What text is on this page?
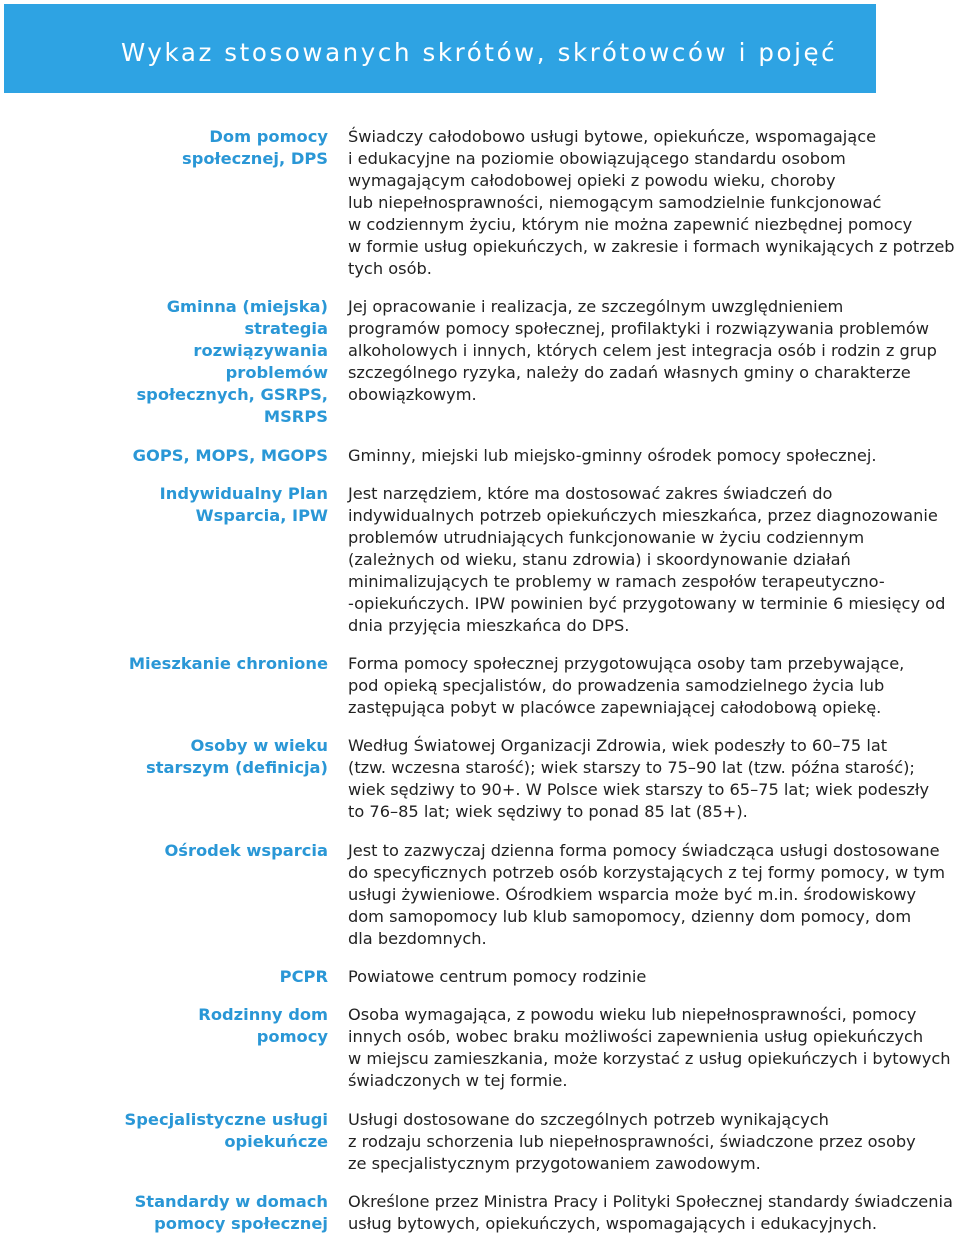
Wykaz stosowanych skrótów, skrótowców i pojęć
Dom pomocy
społecznej, DPS
Świadczy całodobowo usługi bytowe, opiekuńcze, wspomagające
i edukacyjne na poziomie obowiązującego standardu osobom
wymagającym całodobowej opieki z powodu wieku, choroby
lub niepełnosprawności, niemogącym samodzielnie funkcjonować
w codziennym życiu, którym nie można zapewnić niezbędnej pomocy
w formie usług opiekuńczych, w zakresie i formach wynikających z potrzeb
tych osób.
Gminna (miejska)
strategia
rozwiązywania
problemów
społecznych, GSRPS,
MSRPS
Jej opracowanie i realizacja, ze szczególnym uwzględnieniem
programów pomocy społecznej, profilaktyki i rozwiązywania problemów
alkoholowych i innych, których celem jest integracja osób i rodzin z grup
szczególnego ryzyka, należy do zadań własnych gminy o charakterze
obowiązkowym.
GOPS, MOPS, MGOPS Gminny, miejski lub miejsko-gminny ośrodek pomocy społecznej.
Indywidualny Plan
Wsparcia, IPW
Jest narzędziem, które ma dostosować zakres świadczeń do
indywidualnych potrzeb opiekuńczych mieszkańca, przez diagnozowanie
problemów utrudniających funkcjonowanie w życiu codziennym
(zależnych od wieku, stanu zdrowia) i skoordynowanie działań
minimalizujących te problemy w ramach zespołów terapeutyczno-
-opiekuńczych. IPW powinien być przygotowany w terminie 6 miesięcy od
dnia przyjęcia mieszkańca do DPS.
Mieszkanie chronione Forma pomocy społecznej przygotowująca osoby tam przebywające,
pod opieką specjalistów, do prowadzenia samodzielnego życia lub
zastępująca pobyt w placówce zapewniającej całodobową opiekę.
Osoby w wieku
starszym (definicja)
Według Światowej Organizacji Zdrowia, wiek podeszły to 60–75 lat
(tzw. wczesna starość); wiek starszy to 75–90 lat (tzw. późna starość);
wiek sędziwy to 90+. W Polsce wiek starszy to 65–75 lat; wiek podeszły
to 76–85 lat; wiek sędziwy to ponad 85 lat (85+).
Ośrodek wsparcia Jest to zazwyczaj dzienna forma pomocy świadcząca usługi dostosowane
do specyficznych potrzeb osób korzystających z tej formy pomocy, w tym
usługi żywieniowe. Ośrodkiem wsparcia może być m.in. środowiskowy
dom samopomocy lub klub samopomocy, dzienny dom pomocy, dom
dla bezdomnych.
PCPR Powiatowe centrum pomocy rodzinie
Rodzinny dom
pomocy
Osoba wymagająca, z powodu wieku lub niepełnosprawności, pomocy
innych osób, wobec braku możliwości zapewnienia usług opiekuńczych
w miejscu zamieszkania, może korzystać z usług opiekuńczych i bytowych
świadczonych w tej formie.
Specjalistyczne usługi
opiekuńcze
Usługi dostosowane do szczególnych potrzeb wynikających
z rodzaju schorzenia lub niepełnosprawności, świadczone przez osoby
ze specjalistycznym przygotowaniem zawodowym.
Standardy w domach
pomocy społecznej
Określone przez Ministra Pracy i Polityki Społecznej standardy świadczenia
usług bytowych, opiekuńczych, wspomagających i edukacyjnych.
